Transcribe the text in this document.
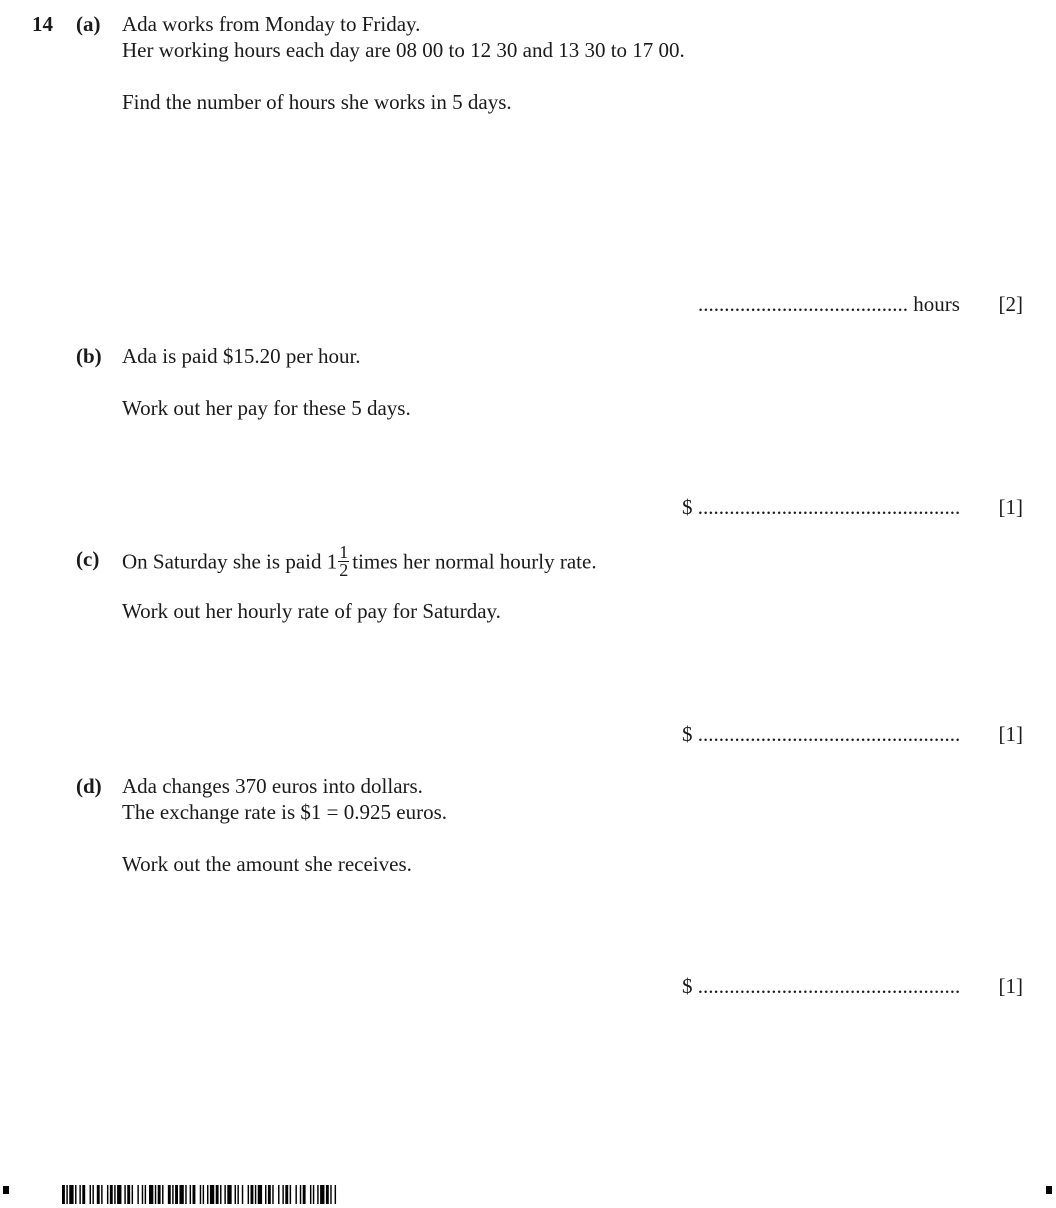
14 (a) Ada works from Monday to Friday.
Her working hours each day are 08 00 to 12 30 and 13 30 to 17 00.
Find the number of hours she works in 5 days.
........................................ hours [2]
(b) Ada is paid $15.20 per hour.
Work out her pay for these 5 days.
$ .................................................. [1]
(c) On Saturday she is paid $1 \frac{1}{2}$ times her normal hourly rate.
Work out her hourly rate of pay for Saturday.
$ .................................................. [1]
(d) Ada changes 370 euros into dollars.
The exchange rate is $1 = 0.925 euros.
Work out the amount she receives.
$ .................................................. [1]
